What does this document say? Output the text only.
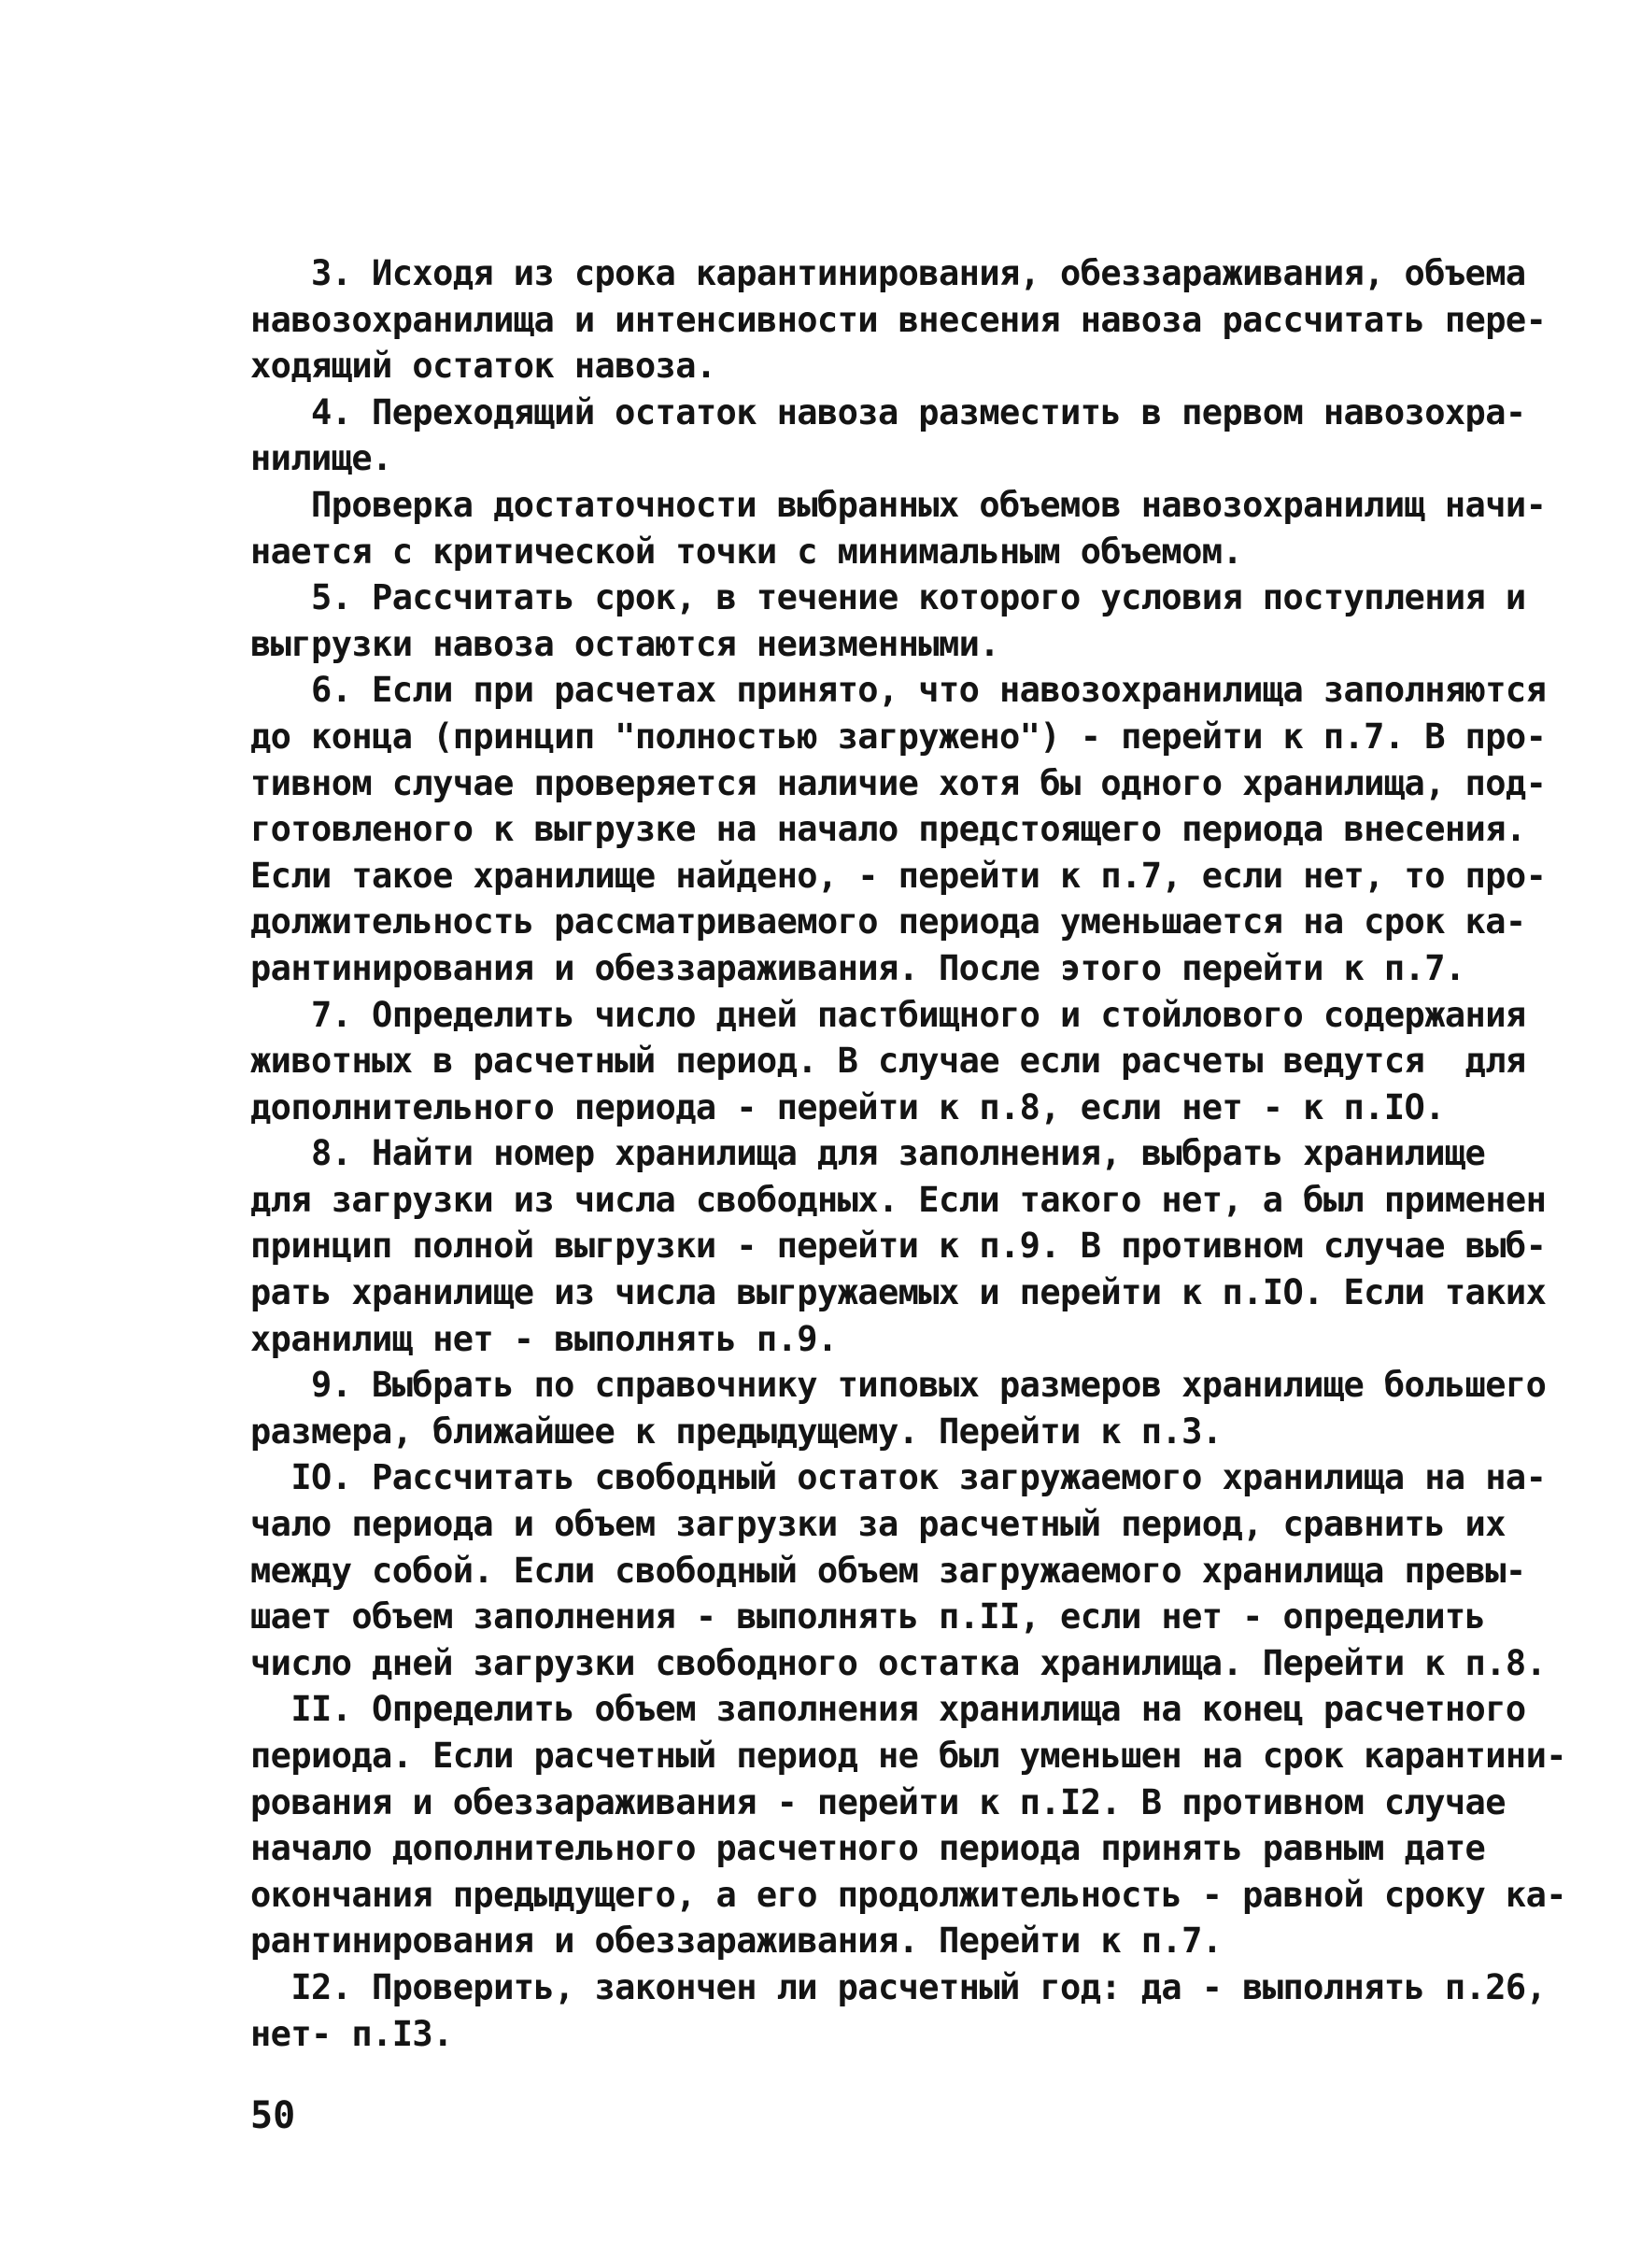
3. Исходя из срока карантинирования, обеззараживания, объема
навозохранилища и интенсивности внесения навоза рассчитать пере-
ходящий остаток навоза.
4. Переходящий остаток навоза разместить в первом навозохра-
нилище.
Проверка достаточности выбранных объемов навозохранилищ начи-
нается с критической точки с минимальным объемом.
5. Рассчитать срок, в течение которого условия поступления и
выгрузки навоза остаются неизменными.
6. Если при расчетах принято, что навозохранилища заполняются
до конца (принцип "полностью загружено") - перейти к п.7. В про-
тивном случае проверяется наличие хотя бы одного хранилища, под-
готовленого к выгрузке на начало предстоящего периода внесения.
Если такое хранилище найдено, - перейти к п.7, если нет, то про-
должительность рассматриваемого периода уменьшается на срок ка-
рантинирования и обеззараживания. После этого перейти к п.7.
7. Определить число дней пастбищного и стойлового содержания
животных в расчетный период. В случае если расчеты ведутся  для
дополнительного периода - перейти к п.8, если нет - к п.IO.
8. Найти номер хранилища для заполнения, выбрать хранилище
для загрузки из числа свободных. Если такого нет, а был применен
принцип полной выгрузки - перейти к п.9. В противном случае выб-
рать хранилище из числа выгружаемых и перейти к п.IO. Если таких
хранилищ нет - выполнять п.9.
9. Выбрать по справочнику типовых размеров хранилище большего
размера, ближайшее к предыдущему. Перейти к п.3.
IO. Рассчитать свободный остаток загружаемого хранилища на на-
чало периода и объем загрузки за расчетный период, сравнить их
между собой. Если свободный объем загружаемого хранилища превы-
шает объем заполнения - выполнять п.II, если нет - определить
число дней загрузки свободного остатка хранилища. Перейти к п.8.
II. Определить объем заполнения хранилища на конец расчетного
периода. Если расчетный период не был уменьшен на срок карантини-
рования и обеззараживания - перейти к п.I2. В противном случае
начало дополнительного расчетного периода принять равным дате
окончания предыдущего, а его продолжительность - равной сроку ка-
рантинирования и обеззараживания. Перейти к п.7.
I2. Проверить, закончен ли расчетный год: да - выполнять п.26,
нет- п.I3.
50
